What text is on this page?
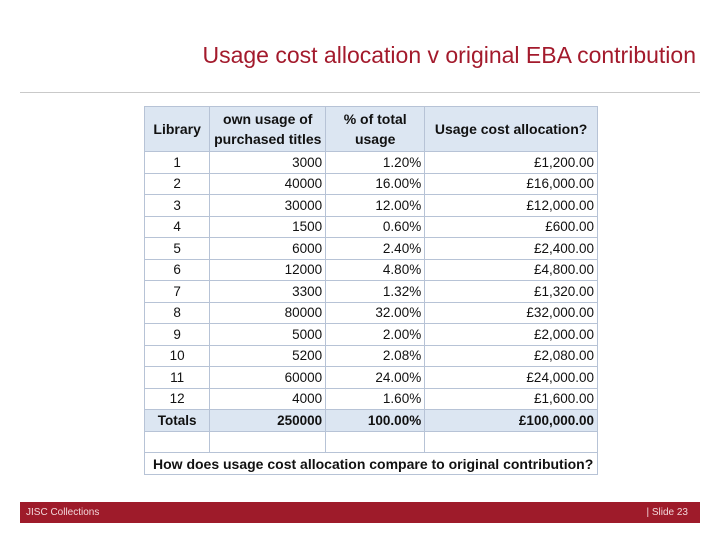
Usage cost allocation v original EBA contribution
Library	own usage of purchased titles	% of total usage	Usage cost allocation?
1	3000	1.20%	£1,200.00
2	40000	16.00%	£16,000.00
3	30000	12.00%	£12,000.00
4	1500	0.60%	£600.00
5	6000	2.40%	£2,400.00
6	12000	4.80%	£4,800.00
7	3300	1.32%	£1,320.00
8	80000	32.00%	£32,000.00
9	5000	2.00%	£2,000.00
10	5200	2.08%	£2,080.00
11	60000	24.00%	£24,000.00
12	4000	1.60%	£1,600.00
Totals	250000	100.00%	£100,000.00

How does usage cost allocation compare to original contribution?			
JISC Collections	| Slide 23
